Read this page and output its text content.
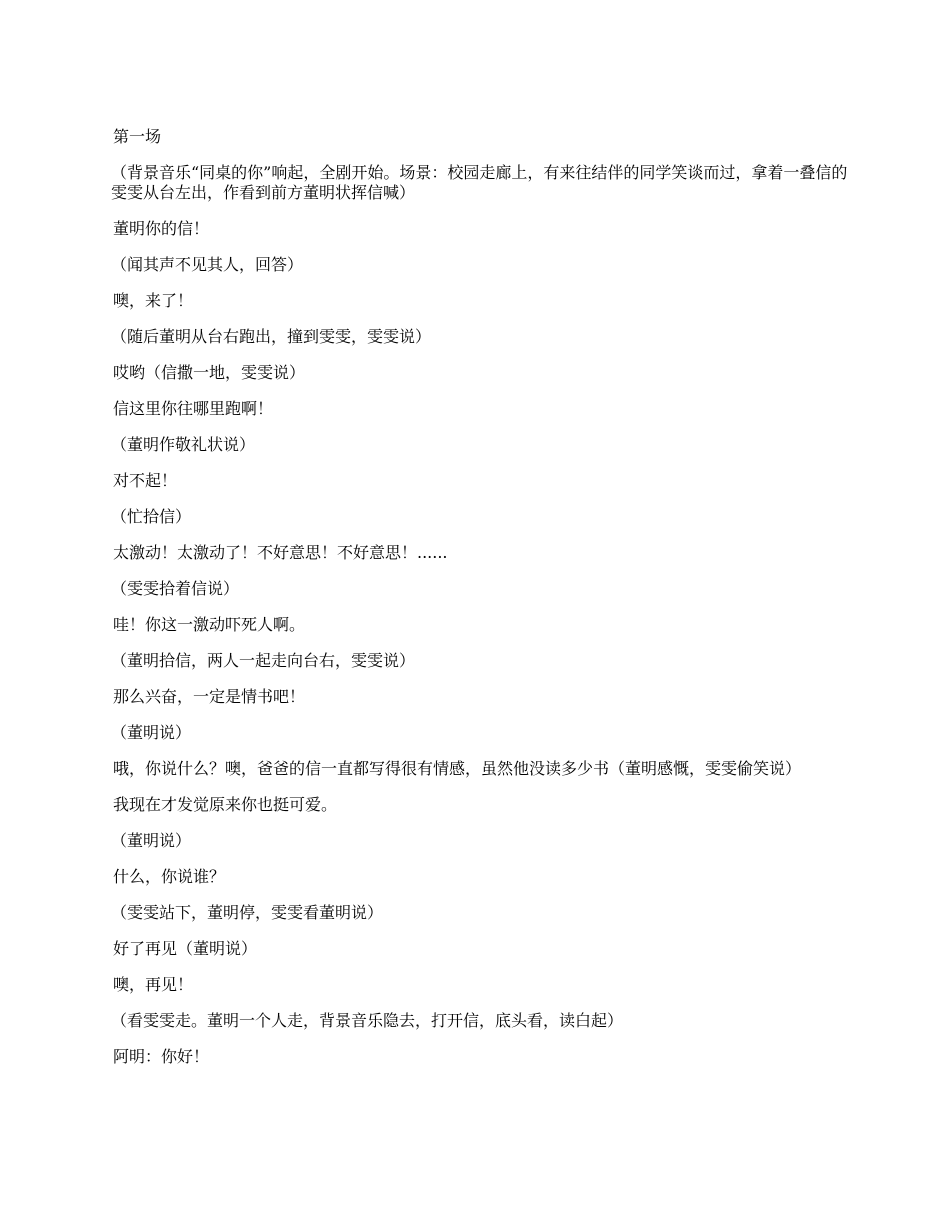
第一场

（背景音乐“同桌的你”响起，全剧开始。场景：校园走廊上，有来往结伴的同学笑谈而过，拿着一叠信的雯雯从台左出，作看到前方董明状挥信喊）

董明你的信！

（闻其声不见其人，回答）

噢，来了！

（随后董明从台右跑出，撞到雯雯，雯雯说）

哎哟（信撒一地，雯雯说）

信这里你往哪里跑啊！

（董明作敬礼状说）

对不起！

（忙拾信）

太激动！太激动了！不好意思！不好意思！......

（雯雯拾着信说）

哇！你这一激动吓死人啊。

（董明拾信，两人一起走向台右，雯雯说）

那么兴奋，一定是情书吧！

（董明说）

哦，你说什么？噢，爸爸的信一直都写得很有情感，虽然他没读多少书（董明感慨，雯雯偷笑说）

我现在才发觉原来你也挺可爱。

（董明说）

什么，你说谁？

（雯雯站下，董明停，雯雯看董明说）

好了再见（董明说）

噢，再见！

（看雯雯走。董明一个人走，背景音乐隐去，打开信，底头看，读白起）

阿明：你好！
